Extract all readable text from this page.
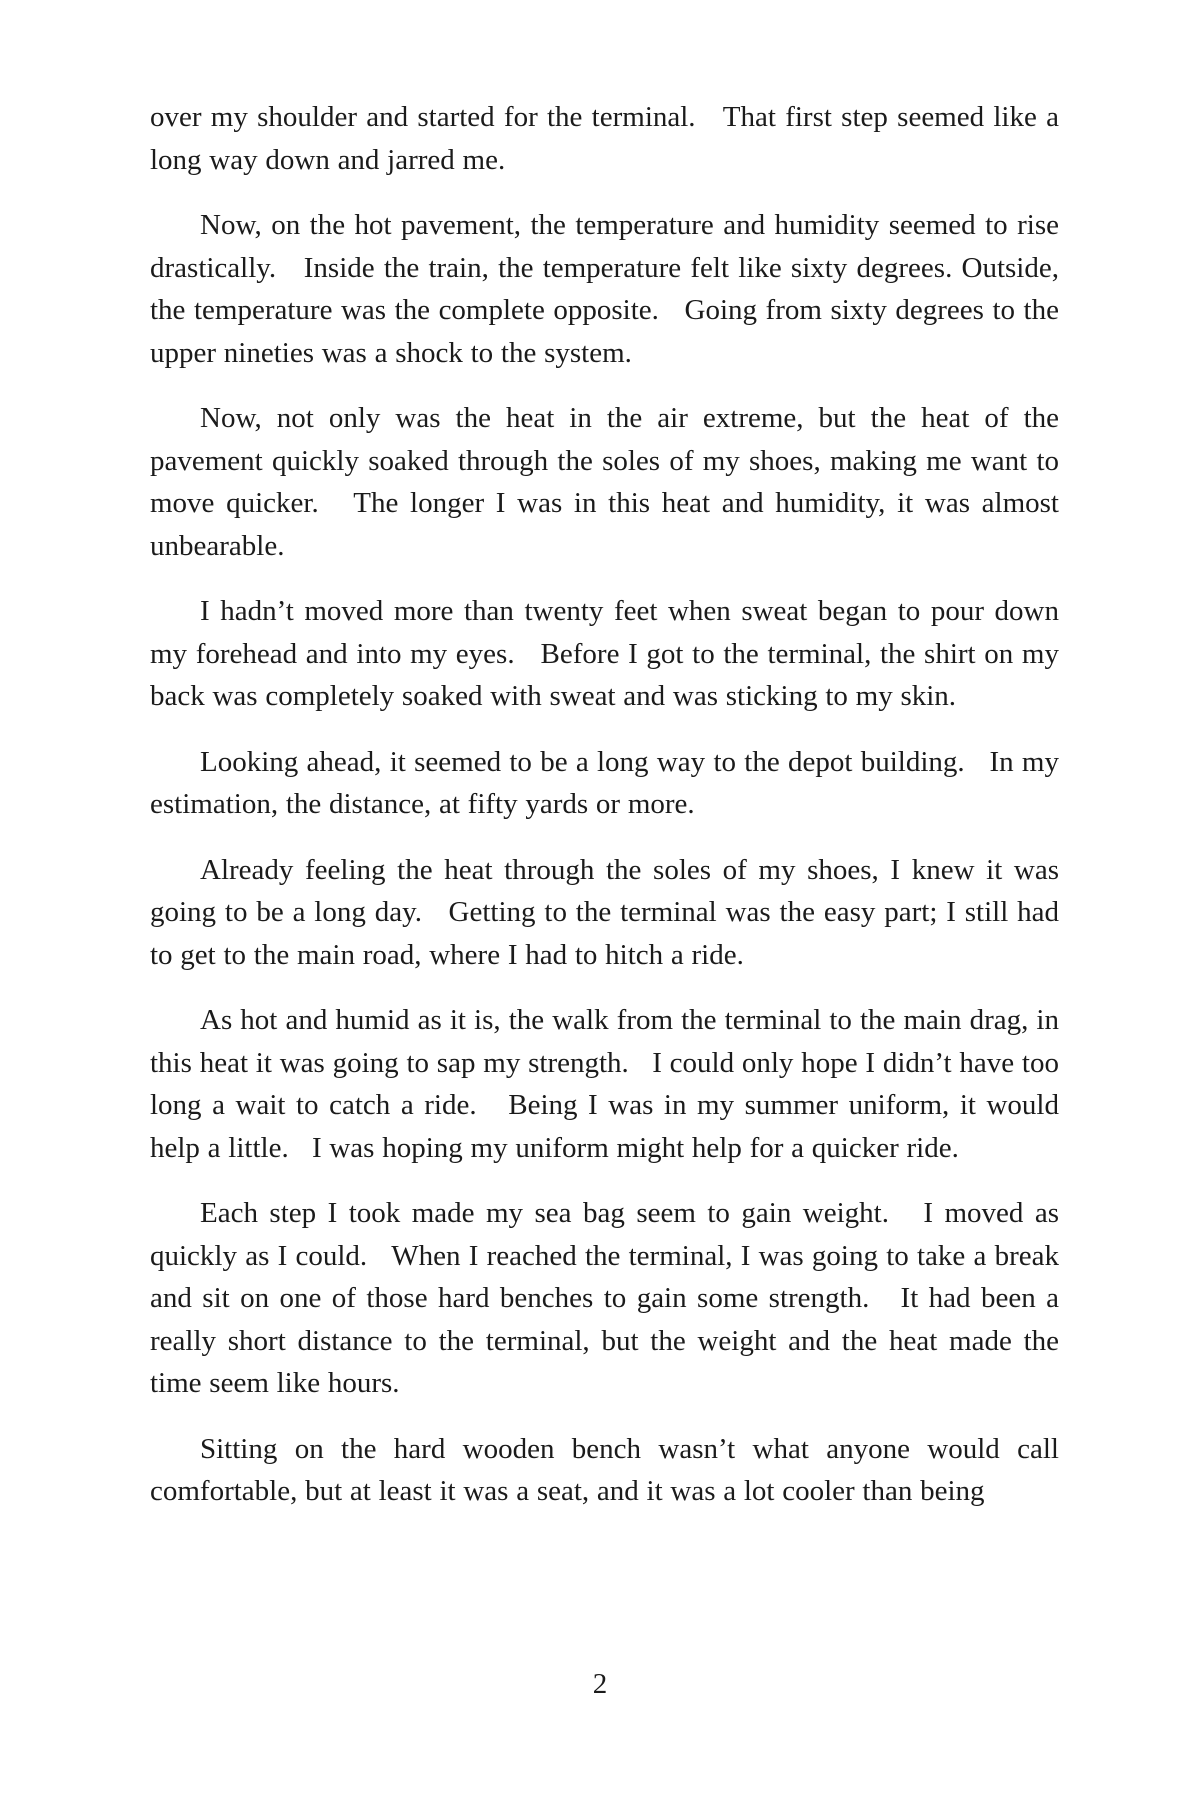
over my shoulder and started for the terminal.   That first step seemed like a long way down and jarred me.

Now, on the hot pavement, the temperature and humidity seemed to rise drastically.   Inside the train, the temperature felt like sixty degrees. Outside, the temperature was the complete opposite.   Going from sixty degrees to the upper nineties was a shock to the system.

Now, not only was the heat in the air extreme, but the heat of the pavement quickly soaked through the soles of my shoes, making me want to move quicker.   The longer I was in this heat and humidity, it was almost unbearable.

I hadn’t moved more than twenty feet when sweat began to pour down my forehead and into my eyes.   Before I got to the terminal, the shirt on my back was completely soaked with sweat and was sticking to my skin.

Looking ahead, it seemed to be a long way to the depot building.   In my estimation, the distance, at fifty yards or more.

Already feeling the heat through the soles of my shoes, I knew it was going to be a long day.   Getting to the terminal was the easy part; I still had to get to the main road, where I had to hitch a ride.

As hot and humid as it is, the walk from the terminal to the main drag, in this heat it was going to sap my strength.   I could only hope I didn’t have too long a wait to catch a ride.   Being I was in my summer uniform, it would help a little.   I was hoping my uniform might help for a quicker ride.

Each step I took made my sea bag seem to gain weight.   I moved as quickly as I could.   When I reached the terminal, I was going to take a break and sit on one of those hard benches to gain some strength.   It had been a really short distance to the terminal, but the weight and the heat made the time seem like hours.

Sitting on the hard wooden bench wasn’t what anyone would call comfortable, but at least it was a seat, and it was a lot cooler than being

2
